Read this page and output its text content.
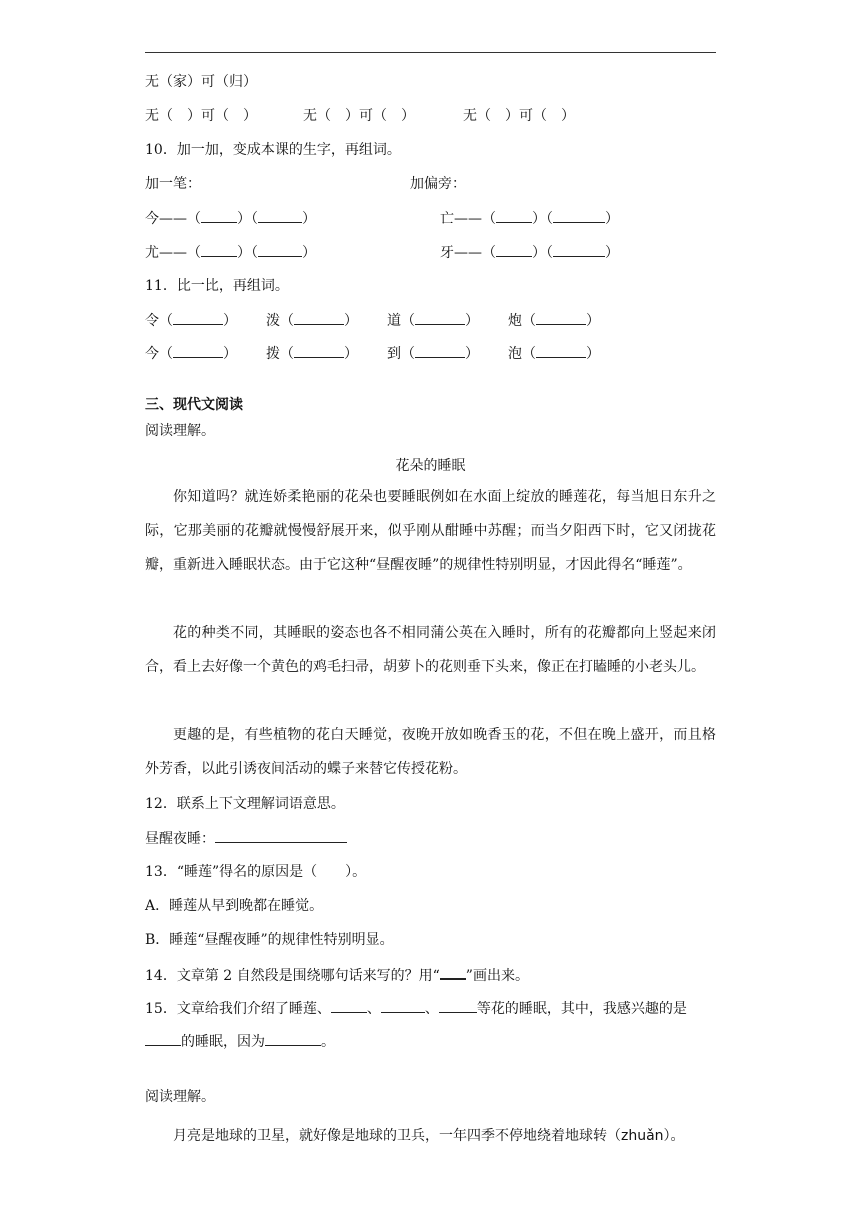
无（家）可（归）
无（　）可（　）	无（　）可（　）	无（　）可（　）
10．加一加，变成本课的生字，再组词。
加一笔：	加偏旁：
今——（	）（	）	亡——（	）（	）
尤——（	）（	）	牙——（	）（	）
11．比一比，再组词。
令（	） 泼（	） 道（	） 炮（	）
今（	） 拨（	） 到（	） 泡（	）
三、现代文阅读
阅读理解。
花朵的睡眠
你知道吗？就连娇柔艳丽的花朵也要睡眠例如在水面上绽放的睡莲花，每当旭日东升之际，它那美丽的花瓣就慢慢舒展开来，似乎刚从酣睡中苏醒；而当夕阳西下时，它又闭拢花瓣，重新进入睡眠状态。由于它这种“昼醒夜睡”的规律性特别明显，才因此得名“睡莲”。
花的种类不同，其睡眠的姿态也各不相同蒲公英在入睡时，所有的花瓣都向上竖起来闭合，看上去好像一个黄色的鸡毛扫帚，胡萝卜的花则垂下头来，像正在打瞌睡的小老头儿。
更趣的是，有些植物的花白天睡觉，夜晚开放如晚香玉的花，不但在晚上盛开，而且格外芳香，以此引诱夜间活动的蝶子来替它传授花粉。
12．联系上下文理解词语意思。
昼醒夜睡：
13．“睡莲”得名的原因是（　　）。
A．睡莲从早到晚都在睡觉。
B．睡莲“昼醒夜睡”的规律性特别明显。
14．文章第 2 自然段是围绕哪句话来写的？用“ ”画出来。
15．文章给我们介绍了睡莲、	、	、	等花的睡眠，其中，我感兴趣的是
的睡眠，因为	。
阅读理解。
月亮是地球的卫星，就好像是地球的卫兵，一年四季不停地绕着地球转（zhuǎn）。
